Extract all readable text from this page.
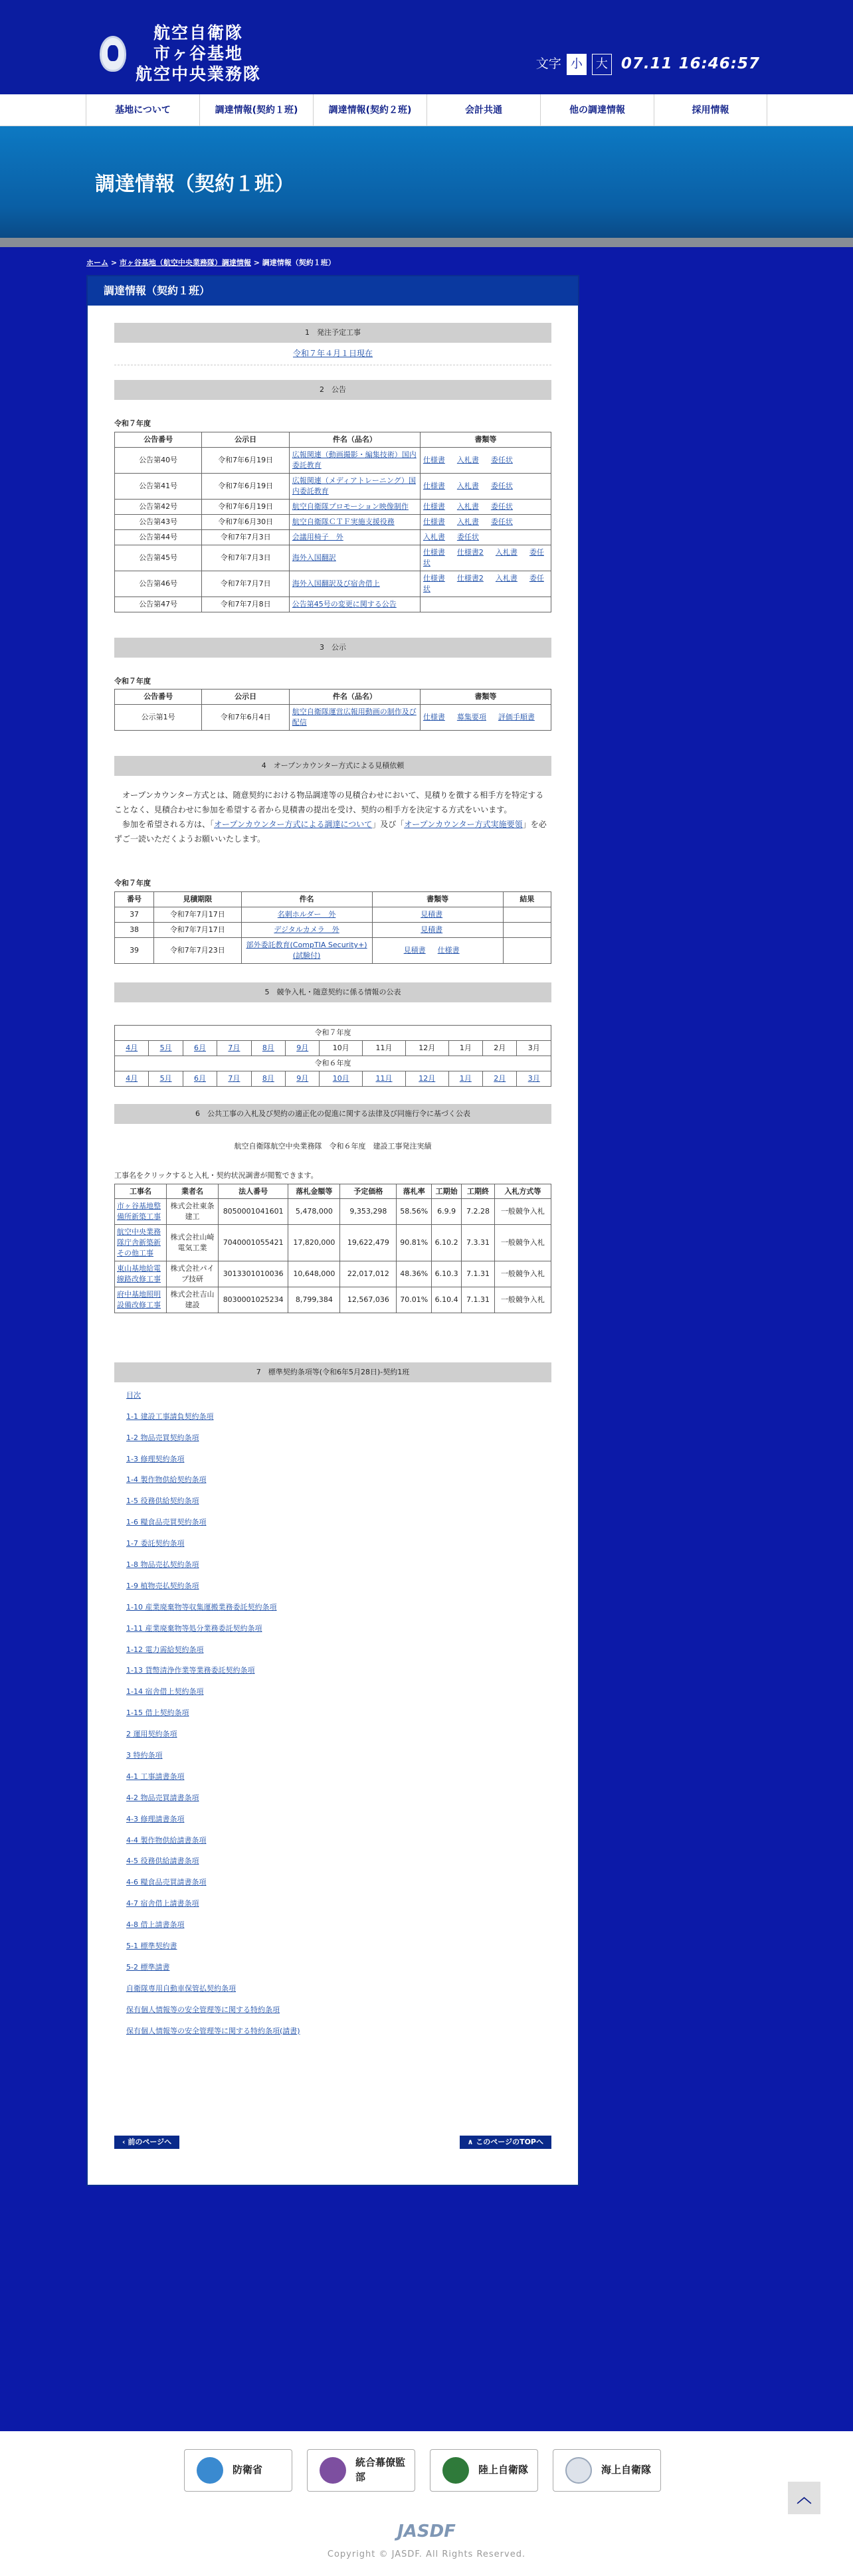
航空自衛隊
市ヶ谷基地
航空中央業務隊
文字 小	大 07.11 16:46:57
基地について	調達情報(契約１班)	調達情報(契約２班)	会計共通	他の調達情報	採用情報
調達情報（契約１班）
ホーム > 市ヶ谷基地（航空中央業務隊）調達情報 > 調達情報（契約１班）
調達情報（契約１班）
1　発注予定工事
令和７年４月１日現在
2　公告
令和７年度
公告番号	公示日	件名（品名）	書類等
公告第40号	令和7年6月19日	広報関連（動画撮影・編集技術）国内委託教育	仕様書 入札書 委任状
公告第41号	令和7年6月19日	広報関連（メディアトレーニング）国内委託教育	仕様書 入札書 委任状
公告第42号	令和7年6月19日	航空自衛隊プロモーション映像制作	仕様書 入札書 委任状
公告第43号	令和7年6月30日	航空自衛隊ＣＴＦ実施支援役務	仕様書 入札書 委任状
公告第44号	令和7年7月3日	会議用椅子　外	入札書 委任状
公告第45号	令和7年7月3日	海外入国翻訳	仕様書 仕様書2 入札書 委任状
公告第46号	令和7年7月7日	海外入国翻訳及び宿舎借上	仕様書 仕様書2 入札書 委任状
公告第47号	令和7年7月8日	公告第45号の変更に関する公告	
3　公示
令和７年度
公告番号	公示日	件名（品名）	書類等
公示第1号	令和7年6月4日	航空自衛隊運営広報用動画の制作及び配信	仕様書 募集要項 評価手順書
4　オープンカウンター方式による見積依頼

オープンカウンター方式とは、随意契約における物品調達等の見積合わせにおいて、見積りを徴する相手方を特定することなく、見積合わせに参加を希望する者から見積書の提出を受け、契約の相手方を決定する方式をいいます。

参加を希望される方は、「オープンカウンター方式による調達について」及び「オープンカウンター方式実施要領」を必ずご一読いただくようお願いいたします。

令和７年度
番号	見積期限	件名	書類等	結果
37	令和7年7月17日	名刺ホルダー　外	見積書	
38	令和7年7月17日	デジタルカメラ　外	見積書	
39	令和7年7月23日	部外委託教育(CompTIA Security+)(試験付)	見積書 仕様書	
5　競争入札・随意契約に係る情報の公表
令和７年度											
4月	5月	6月	7月	8月	9月	10月	11月	12月	1月	2月	3月
令和６年度											
4月	5月	6月	7月	8月	9月	10月	11月	12月	1月	2月	3月
6　公共工事の入札及び契約の適正化の促進に関する法律及び同施行令に基づく公表
航空自衛隊航空中央業務隊　令和６年度　建設工事発注実績
工事名をクリックすると入札・契約状況調書が閲覧できます。
工事名	業者名	法人番号	落札金額等	予定価格	落札率	工期始	工期終	入札方式等
市ヶ谷基地整備所新築工事	株式会社東条建工	8050001041601	5,478,000	9,353,298	58.56%	6.9.9	7.2.28	一般競争入札
航空中央業務隊庁舎新築新その他工事	株式会社山崎電気工業	7040001055421	17,820,000	19,622,479	90.81%	6.10.2	7.3.31	一般競争入札
東山基地給電線路改修工事	株式会社パイプ技研	3013301010036	10,648,000	22,017,012	48.36%	6.10.3	7.1.31	一般競争入札
府中基地照明設備改修工事	株式会社吉山建設	8030001025234	8,799,384	12,567,036	70.01%	6.10.4	7.1.31	一般競争入札
7　標準契約条項等(令和6年5月28日)-契約1班
目次
1-1 建設工事請負契約条項
1-2 物品売買契約条項
1-3 修理契約条項
1-4 製作物供給契約条項
1-5 役務供給契約条項
1-6 糧食品売買契約条項
1-7 委託契約条項
1-8 物品売払契約条項
1-9 植物売払契約条項
1-10 産業廃棄物等収集運搬業務委託契約条項
1-11 産業廃棄物等処分業務委託契約条項
1-12 電力需給契約条項
1-13 貨幣清浄作業等業務委託契約条項
1-14 宿舎借上契約条項
1-15 借上契約条項
2 運用契約条項
3 特約条項
4-1 工事請書条項
4-2 物品売買請書条項
4-3 修理請書条項
4-4 製作物供給請書条項
4-5 役務供給請書条項
4-6 糧食品売買請書条項
4-7 宿舎借上請書条項
4-8 借上請書条項
5-1 標準契約書
5-2 標準請書
自衛隊専用自動車保管払契約条項
保有個人情報等の安全管理等に関する特約条項
保有個人情報等の安全管理等に関する特約条項(請書)
‹ 前のページへ	∧ このページのTOPへ
防衛省
統合幕僚監部
陸上自衛隊	海上自衛隊
︿
JASDF
Copyright © JASDF. All Rights Reserved.
